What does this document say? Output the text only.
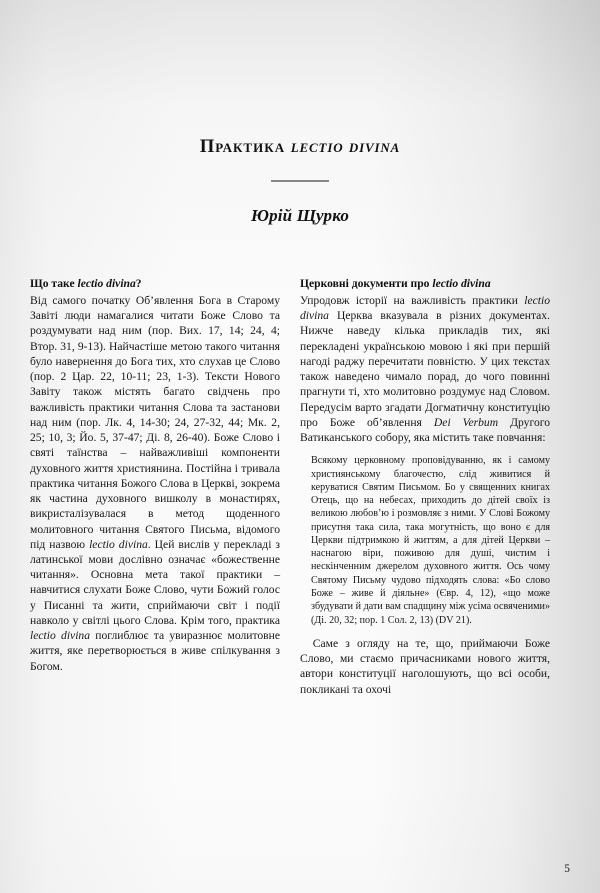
Практика lectio divina

Юрій Щурко

Що таке lectio divina?

Від самого початку Об’явлення Бога в Старому Завіті люди намагалися читати Боже Слово та роздумувати над ним (пор. Вих. 17, 14; 24, 4; Втор. 31, 9-13). Найчастіше метою такого читання було навернення до Бога тих, хто слухав це Слово (пор. 2 Цар. 22, 10-11; 23, 1-3). Тексти Нового Завіту також містять багато свідчень про важливість практики читання Слова та застанови над ним (пор. Лк. 4, 14-30; 24, 27-32, 44; Мк. 2, 25; 10, 3; Йо. 5, 37-47; Ді. 8, 26-40). Боже Слово і святі таїнства – найважливіші компоненти духовного життя християнина. Постійна і тривала практика читання Божого Слова в Церкві, зокрема як частина духовного вишколу в монастирях, викристалізувалася в метод щоденного молитовного читання Святого Письма, відомого під назвою lectio divina. Цей вислів у перекладі з латинської мови дослівно означає «божественне читання». Основна мета такої практики – навчитися слухати Боже Слово, чути Божий голос у Писанні та жити, сприймаючи світ і події навколо у світлі цього Слова. Крім того, практика lectio divina поглиблює та увиразнює молитовне життя, яке перетворюється в живе спілкування з Богом.

Церковні документи про lectio divina

Упродовж історії на важливість практики lectio divina Церква вказувала в різних документах. Нижче наведу кілька прикладів тих, які перекладені українською мовою і які при першій нагоді раджу перечитати повністю. У цих текстах також наведено чимало порад, до чого повинні прагнути ті, хто молитовно роздумує над Словом. Передусім варто згадати Догматичну конституцію про Боже об’явлення Dei Verbum Другого Ватиканського собору, яка містить таке повчання:

Всякому церковному проповідуванню, як і самому християнському благочестю, слід живитися й керуватися Святим Письмом. Бо у священних книгах Отець, що на небесах, приходить до дітей своїх із великою любов’ю і розмовляє з ними. У Слові Божому присутня така сила, така могутність, що воно є для Церкви підтримкою й життям, а для дітей Церкви – наснагою віри, поживою для душі, чистим і нескінченним джерелом духовного життя. Ось чому Святому Письму чудово підходять слова: «Бо слово Боже – живе й діяльне» (Євр. 4, 12), «що може збудувати й дати вам спадщину між усіма освяченими» (Ді. 20, 32; пор. 1 Сол. 2, 13) (DV 21).

Саме з огляду на те, що, приймаючи Боже Слово, ми стаємо причасниками нового життя, автори конституції наголошують, що всі особи, покликані та охочі

5
